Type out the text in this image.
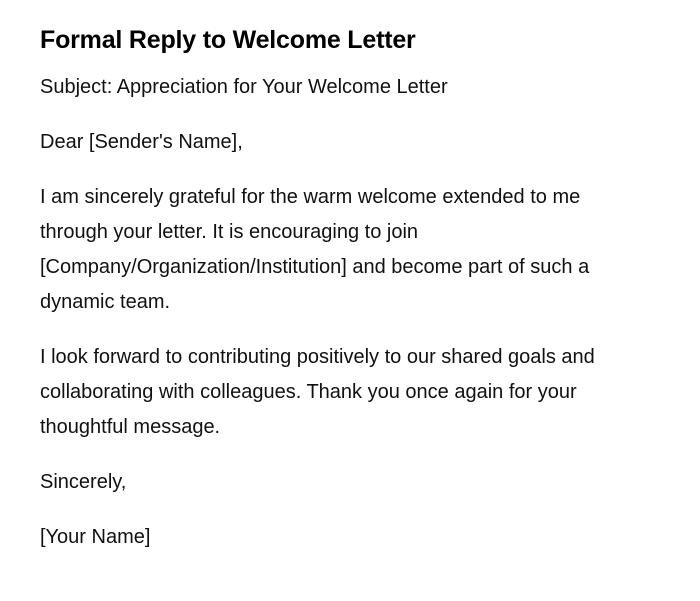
Formal Reply to Welcome Letter

Subject: Appreciation for Your Welcome Letter

Dear [Sender's Name],

I am sincerely grateful for the warm welcome extended to me through your letter. It is encouraging to join [Company/Organization/Institution] and become part of such a dynamic team.

I look forward to contributing positively to our shared goals and collaborating with colleagues. Thank you once again for your thoughtful message.

Sincerely,

[Your Name]
